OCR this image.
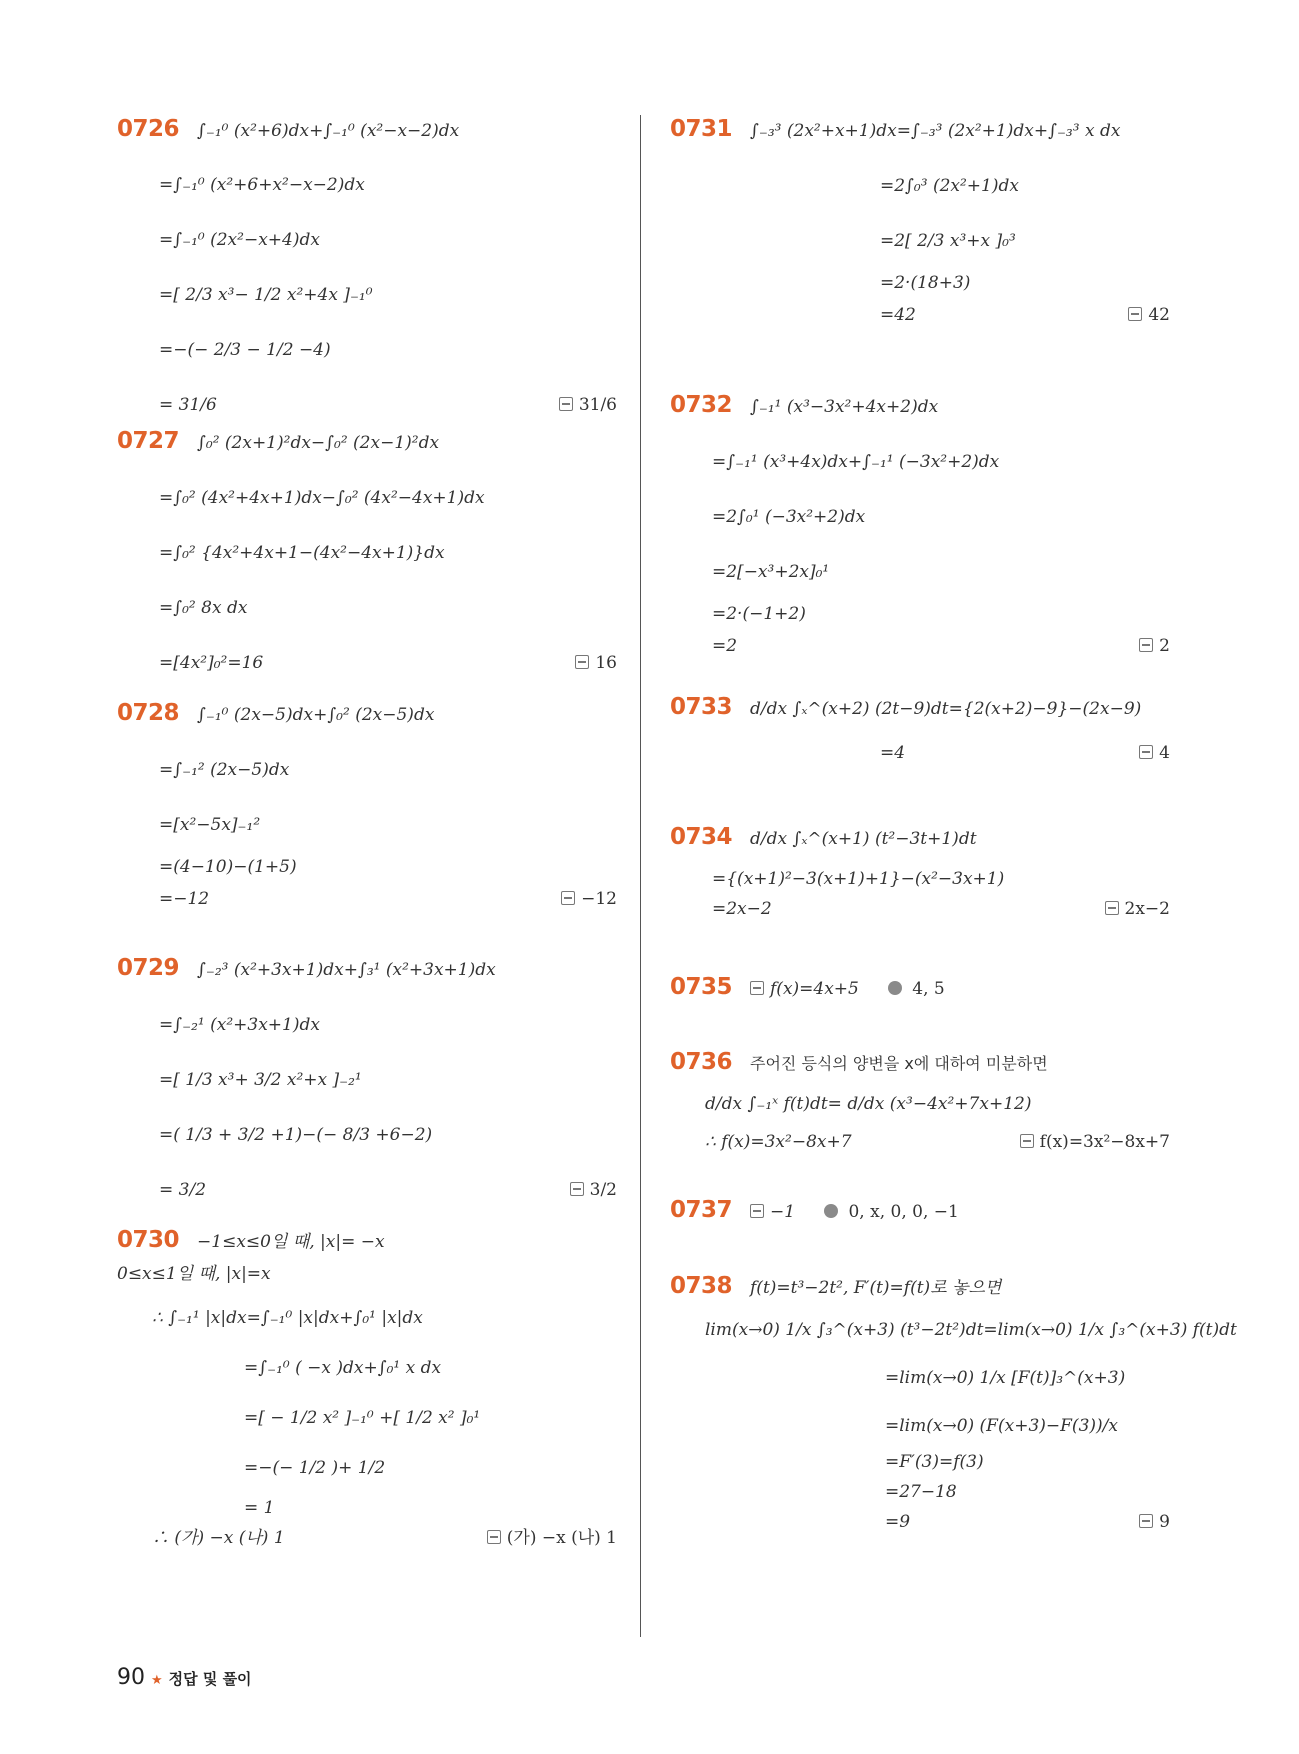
0726 ∫₋₁⁰ (x²+6)dx+∫₋₁⁰ (x²−x−2)dx
=∫₋₁⁰ (x²+6+x²−x−2)dx
=∫₋₁⁰ (2x²−x+4)dx
=[ 2/3 x³− 1/2 x²+4x ]₋₁⁰
=−(− 2/3 − 1/2 −4)
= 31/6	31/6
0727 ∫₀² (2x+1)²dx−∫₀² (2x−1)²dx
=∫₀² (4x²+4x+1)dx−∫₀² (4x²−4x+1)dx
=∫₀² {4x²+4x+1−(4x²−4x+1)}dx
=∫₀² 8x dx
=[4x²]₀²=16	16
0728 ∫₋₁⁰ (2x−5)dx+∫₀² (2x−5)dx
=∫₋₁² (2x−5)dx
=[x²−5x]₋₁²
=(4−10)−(1+5)
=−12	−12
0729 ∫₋₂³ (x²+3x+1)dx+∫₃¹ (x²+3x+1)dx
=∫₋₂¹ (x²+3x+1)dx
=[ 1/3 x³+ 3/2 x²+x ]₋₂¹
=( 1/3 + 3/2 +1)−(− 8/3 +6−2)
= 3/2	3/2
0730 −1≤x≤0일 때, |x|= −x
0≤x≤1일 때, |x|=x
∴ ∫₋₁¹ |x|dx=∫₋₁⁰ |x|dx+∫₀¹ |x|dx
=∫₋₁⁰ ( −x )dx+∫₀¹ x dx
=[ − 1/2 x² ]₋₁⁰ +[ 1/2 x² ]₀¹
=−(− 1/2 )+ 1/2
= 1
∴ (가) −x (나) 1	(가) −x (나) 1
0731 ∫₋₃³ (2x²+x+1)dx=∫₋₃³ (2x²+1)dx+∫₋₃³ x dx
=2∫₀³ (2x²+1)dx
=2[ 2/3 x³+x ]₀³
=2·(18+3)
=42	42
0732 ∫₋₁¹ (x³−3x²+4x+2)dx
=∫₋₁¹ (x³+4x)dx+∫₋₁¹ (−3x²+2)dx
=2∫₀¹ (−3x²+2)dx
=2[−x³+2x]₀¹
=2·(−1+2)
=2	2
0733 d/dx ∫ₓ^(x+2) (2t−9)dt={2(x+2)−9}−(2x−9)
=4	4
0734 d/dx ∫ₓ^(x+1) (t²−3t+1)dt
={(x+1)²−3(x+1)+1}−(x²−3x+1)
=2x−2	2x−2
0735 f(x)=4x+5	4, 5
0736 주어진 등식의 양변을 x에 대하여 미분하면
d/dx ∫₋₁ˣ f(t)dt= d/dx (x³−4x²+7x+12)
∴ f(x)=3x²−8x+7	f(x)=3x²−8x+7
0737 −1	0, x, 0, 0, −1
0738 f(t)=t³−2t², F′(t)=f(t)로 놓으면
lim(x→0) 1/x ∫₃^(x+3) (t³−2t²)dt=lim(x→0) 1/x ∫₃^(x+3) f(t)dt
=lim(x→0) 1/x [F(t)]₃^(x+3)
=lim(x→0) (F(x+3)−F(3))/x
=F′(3)=f(3)
=27−18
=9	9
90 ★ 정답 및 풀이
